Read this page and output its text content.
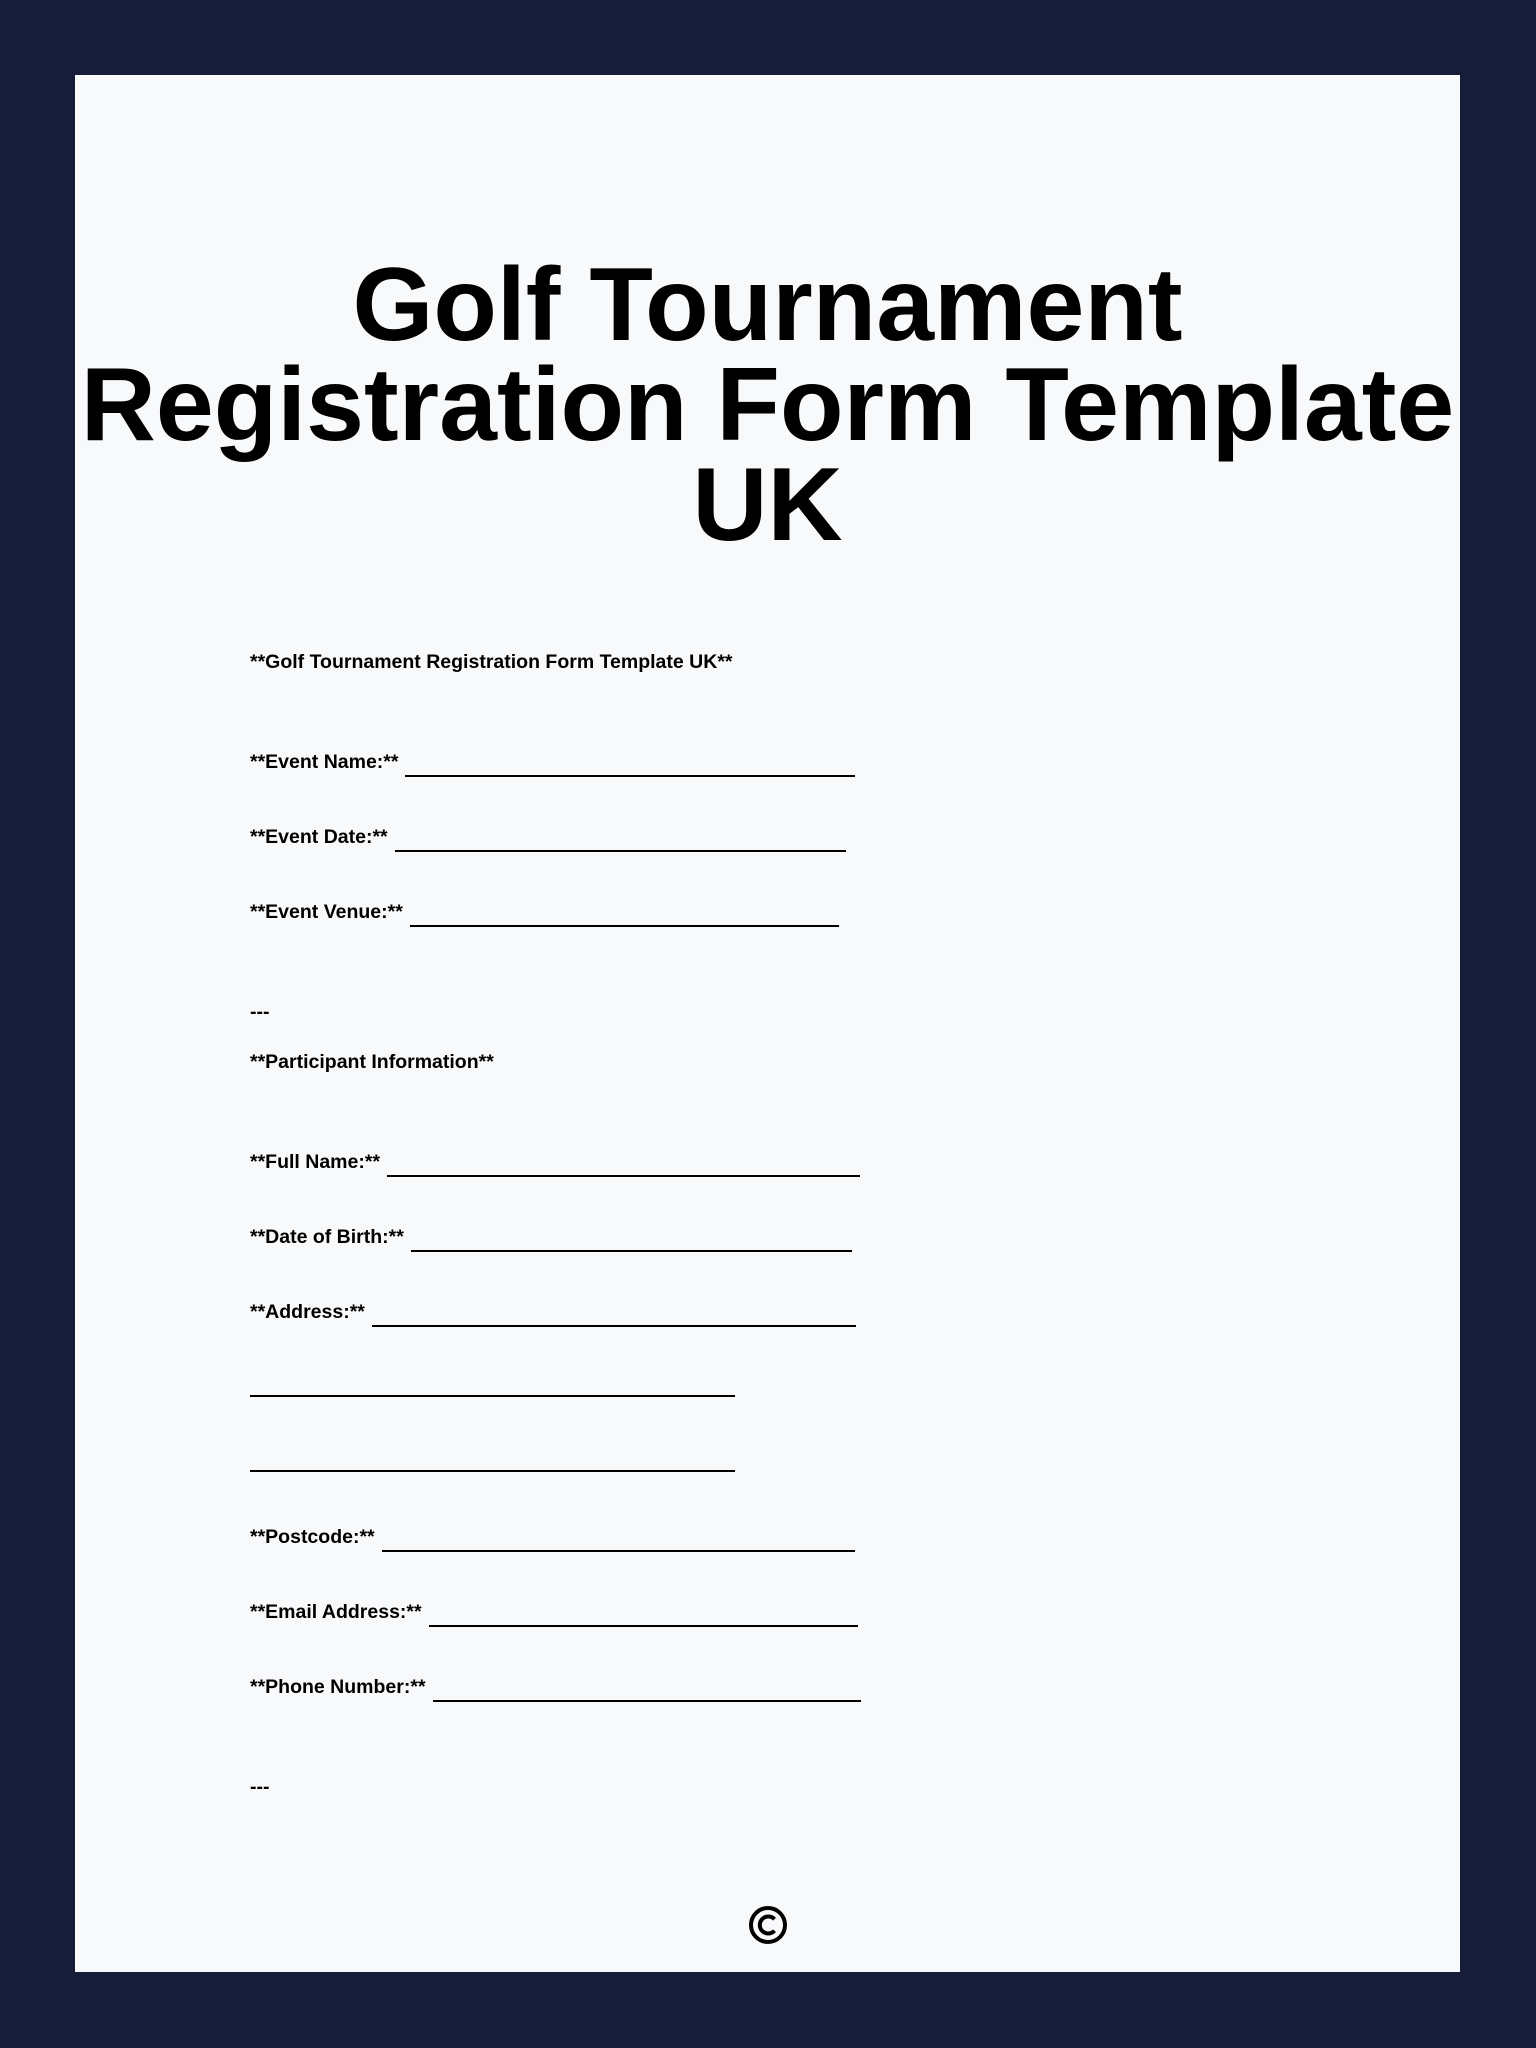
Golf Tournament
Registration Form Template
UK
**Golf Tournament Registration Form Template UK**
**Event Name:**
**Event Date:**
**Event Venue:**
---
**Participant Information**
**Full Name:**
**Date of Birth:**
**Address:**
**Postcode:**
**Email Address:**
**Phone Number:**
---
